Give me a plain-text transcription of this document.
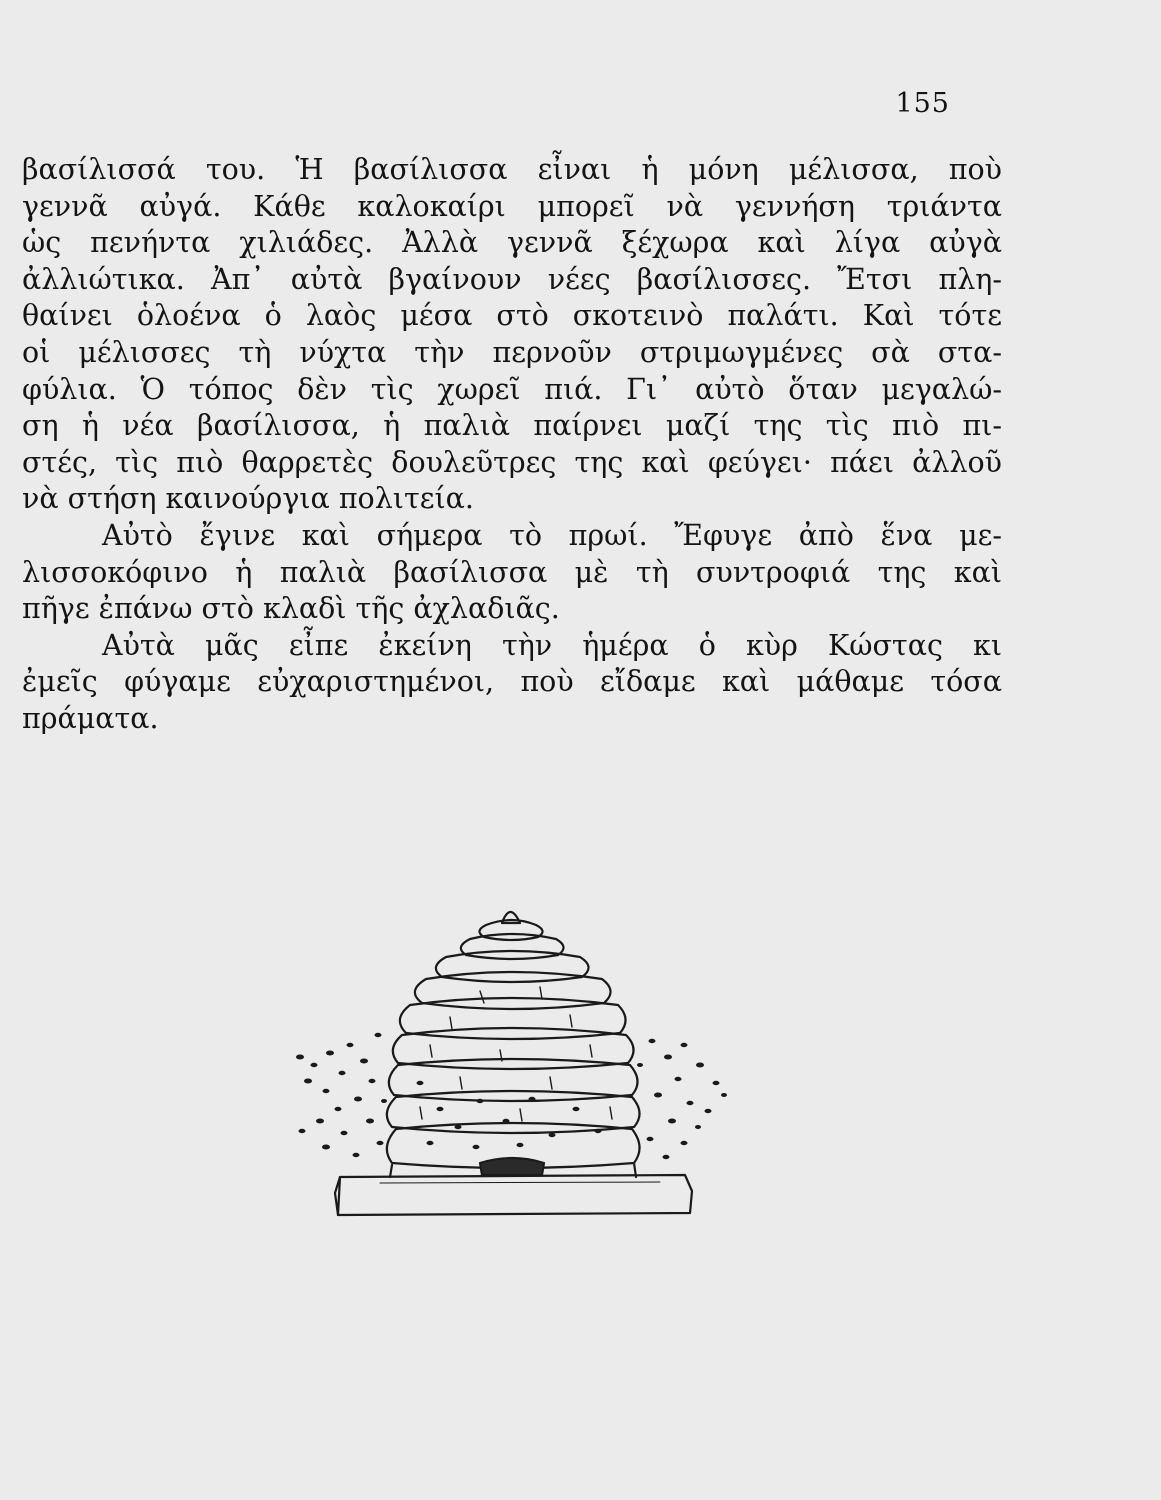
155
βασίλισσά του. Ἡ βασίλισσα εἶναι ἡ μόνη μέλισσα, ποὺ
γεννᾶ αὐγά. Κάθε καλοκαίρι μπορεῖ νὰ γεννήση τριάντα
ὡς πενήντα χιλιάδες. Ἀλλὰ γεννᾶ ξέχωρα καὶ λίγα αὐγὰ
ἀλλιώτικα. Ἀπ᾿ αὐτὰ βγαίνουν νέες βασίλισσες. Ἔτσι πλη-
θαίνει ὁλοένα ὁ λαὸς μέσα στὸ σκοτεινὸ παλάτι. Καὶ τότε
οἱ μέλισσες τὴ νύχτα τὴν περνοῦν στριμωγμένες σὰ στα-
φύλια. Ὁ τόπος δὲν τὶς χωρεῖ πιά. Γι᾿ αὐτὸ ὅταν μεγαλώ-
ση ἡ νέα βασίλισσα, ἡ παλιὰ παίρνει μαζί της τὶς πιὸ πι-
στές, τὶς πιὸ θαρρετὲς δουλεῦτρες της καὶ φεύγει· πάει ἀλλοῦ
νὰ στήση καινούργια πολιτεία.
Αὐτὸ ἔγινε καὶ σήμερα τὸ πρωί. Ἔφυγε ἀπὸ ἕνα με-
λισσοκόφινο ἡ παλιὰ βασίλισσα μὲ τὴ συντροφιά της καὶ
πῆγε ἐπάνω στὸ κλαδὶ τῆς ἀχλαδιᾶς.
Αὐτὰ μᾶς εἶπε ἐκείνη τὴν ἡμέρα ὁ κὺρ Κώστας κι
ἐμεῖς φύγαμε εὐχαριστημένοι, ποὺ εἴδαμε καὶ μάθαμε τόσα
πράματα.
